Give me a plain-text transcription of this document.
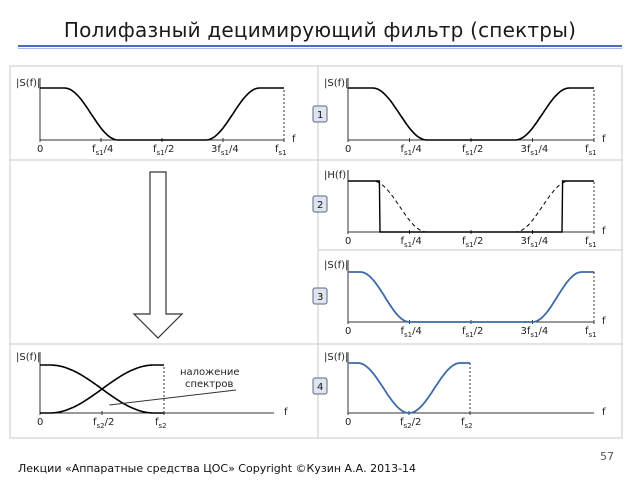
Полифазный децимирующий фильтр (спектры)
|S(f)|
f
0	$f_{s1}/4$	$f_{s1}/2$	$3f_{s1}/4$	$f_{s1}$
|S(f)|
f
0	$f_{s1}/4$	$f_{s1}/2$	$3f_{s1}/4$	$f_{s1}$
1
|H(f)|
f
0	$f_{s1}/4$	$f_{s1}/2$	$3f_{s1}/4$	$f_{s1}$
2
|S(f)|
f
0	$f_{s1}/4$	$f_{s1}/2$	$3f_{s1}/4$	$f_{s1}$
3
|S(f)|
f
0	$f_{s2}/2$	$f_{s2}$
наложение
спектров
|S(f)|
f
0	$f_{s2}/2$	$f_{s2}$
4
Лекции «Аппаратные средства ЦОС» Copyright ©Кузин А.А. 2013-14
57
